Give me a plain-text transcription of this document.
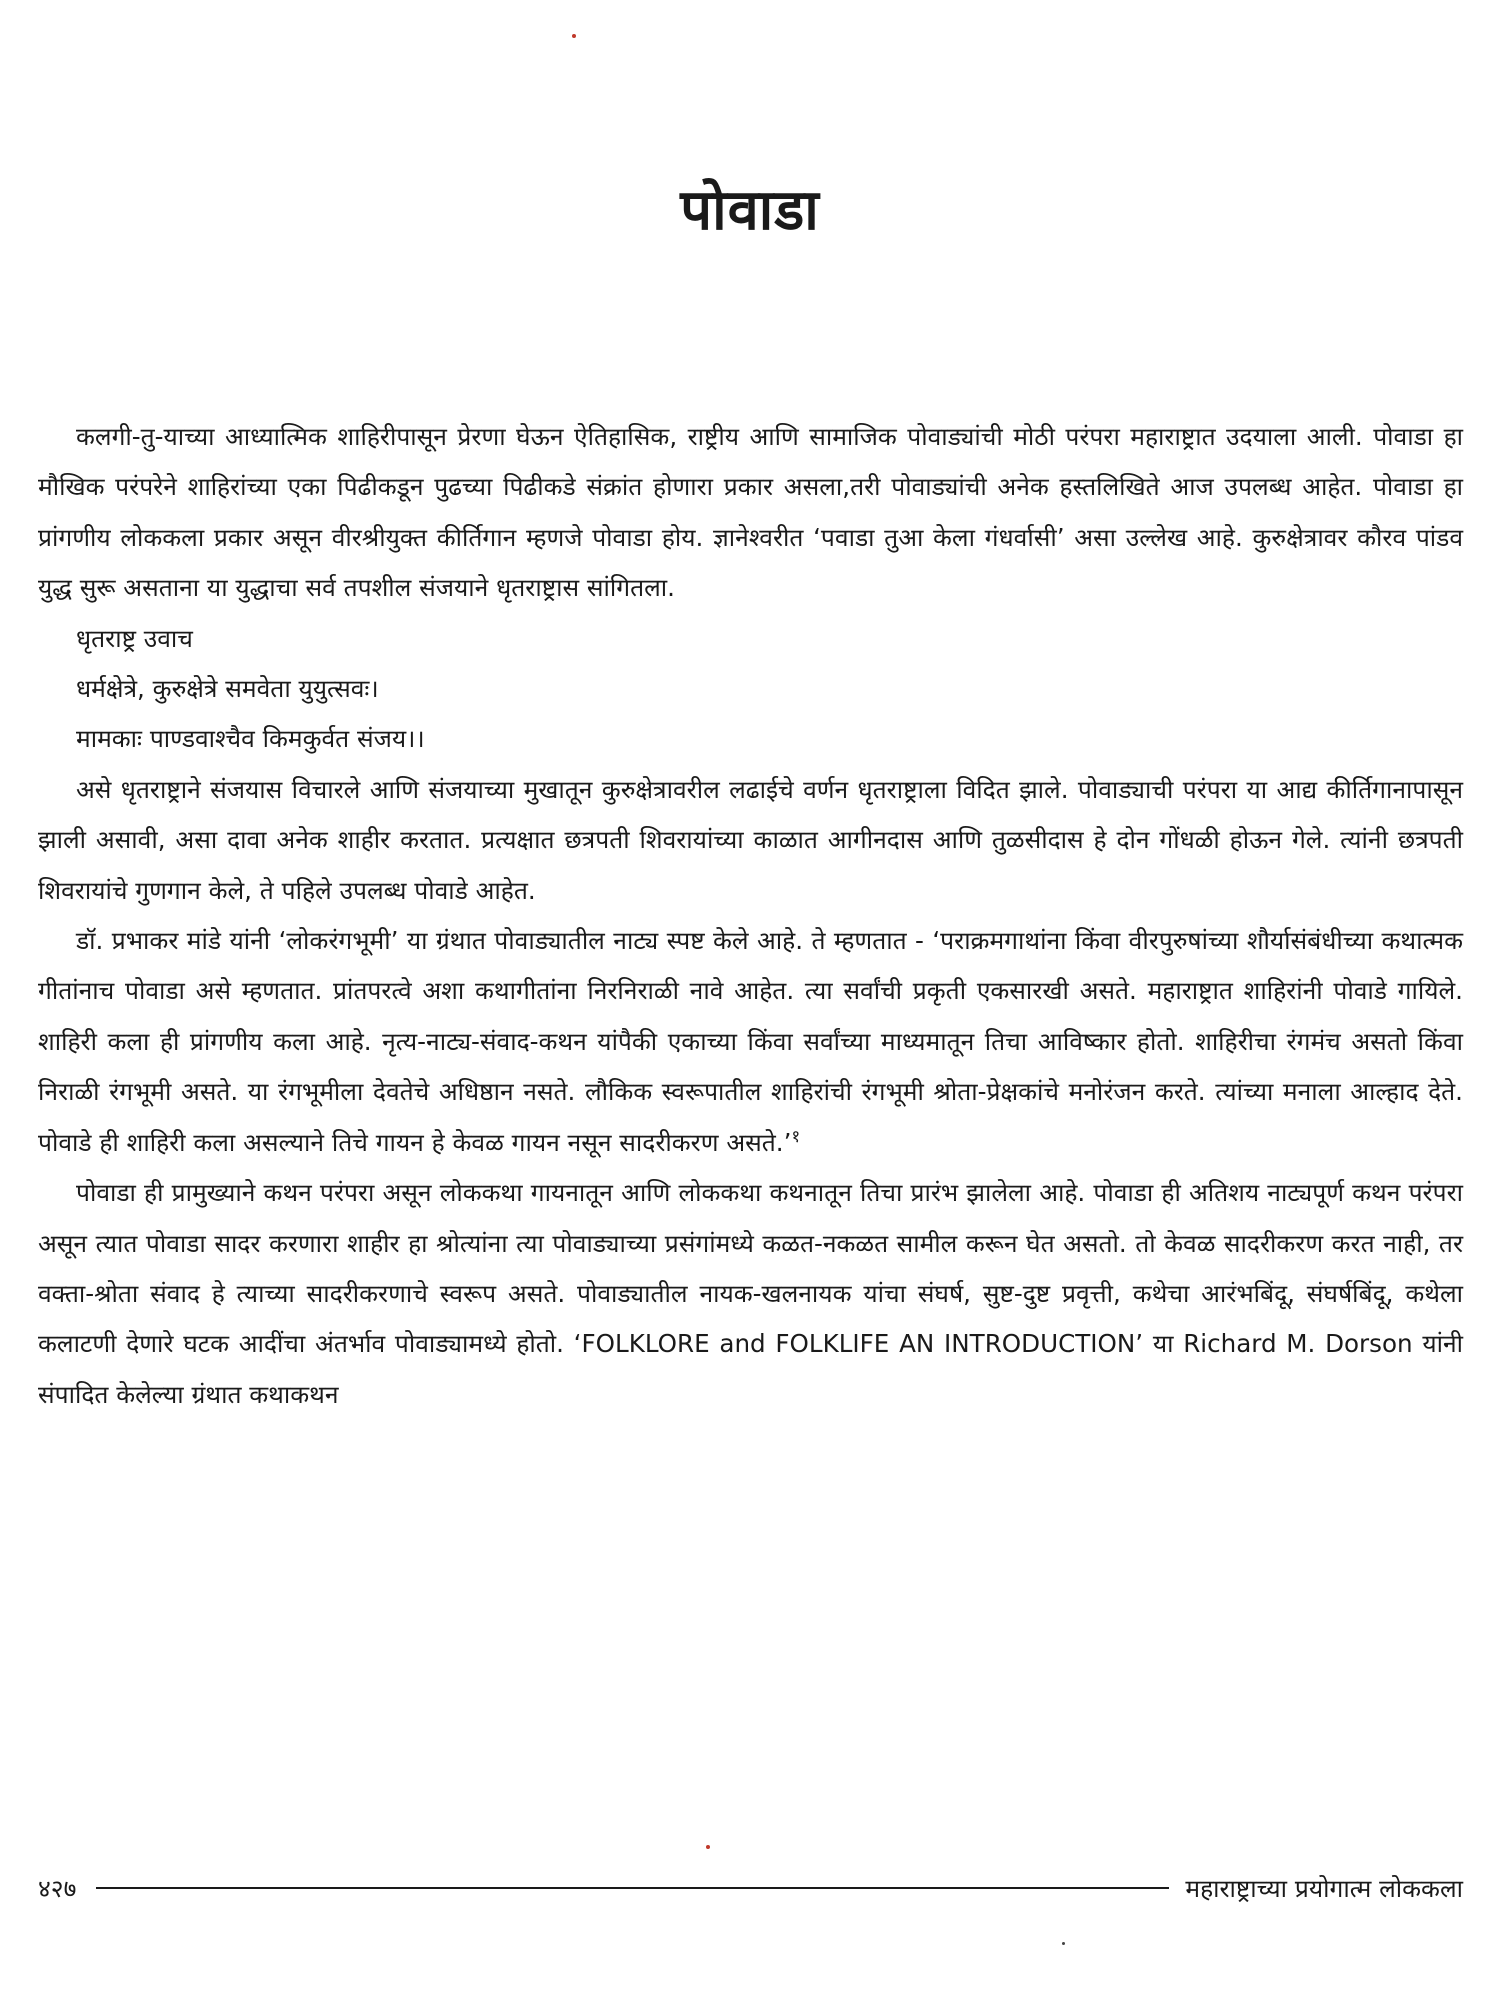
पोवाडा

कलगी-तु-याच्या आध्यात्मिक शाहिरीपासून प्रेरणा घेऊन ऐतिहासिक, राष्ट्रीय आणि सामाजिक पोवाड्यांची मोठी परंपरा महाराष्ट्रात उदयाला आली. पोवाडा हा मौखिक परंपरेने शाहिरांच्या एका पिढीकडून पुढच्या पिढीकडे संक्रांत होणारा प्रकार असला,तरी पोवाड्यांची अनेक हस्तलिखिते आज उपलब्ध आहेत. पोवाडा हा प्रांगणीय लोककला प्रकार असून वीरश्रीयुक्त कीर्तिगान म्हणजे पोवाडा होय. ज्ञानेश्वरीत ‘पवाडा तुआ केला गंधर्वासी’ असा उल्लेख आहे. कुरुक्षेत्रावर कौरव पांडव युद्ध सुरू असताना या युद्धाचा सर्व तपशील संजयाने धृतराष्ट्रास सांगितला.

धृतराष्ट्र उवाच

धर्मक्षेत्रे, कुरुक्षेत्रे समवेता युयुत्सवः।

मामकाः पाण्डवाश्चैव किमकुर्वत संजय।।

असे धृतराष्ट्राने संजयास विचारले आणि संजयाच्या मुखातून कुरुक्षेत्रावरील लढाईचे वर्णन धृतराष्ट्राला विदित झाले. पोवाड्याची परंपरा या आद्य कीर्तिगानापासून झाली असावी, असा दावा अनेक शाहीर करतात. प्रत्यक्षात छत्रपती शिवरायांच्या काळात आगीनदास आणि तुळसीदास हे दोन गोंधळी होऊन गेले. त्यांनी छत्रपती शिवरायांचे गुणगान केले, ते पहिले उपलब्ध पोवाडे आहेत.

डॉ. प्रभाकर मांडे यांनी ‘लोकरंगभूमी’ या ग्रंथात पोवाड्यातील नाट्य स्पष्ट केले आहे. ते म्हणतात - ‘पराक्रमगाथांना किंवा वीरपुरुषांच्या शौर्यासंबंधीच्या कथात्मक गीतांनाच पोवाडा असे म्हणतात. प्रांतपरत्वे अशा कथागीतांना निरनिराळी नावे आहेत. त्या सर्वांची प्रकृती एकसारखी असते. महाराष्ट्रात शाहिरांनी पोवाडे गायिले. शाहिरी कला ही प्रांगणीय कला आहे. नृत्य-नाट्य-संवाद-कथन यांपैकी एकाच्या किंवा सर्वांच्या माध्यमातून तिचा आविष्कार होतो. शाहिरीचा रंगमंच असतो किंवा निराळी रंगभूमी असते. या रंगभूमीला देवतेचे अधिष्ठान नसते. लौकिक स्वरूपातील शाहिरांची रंगभूमी श्रोता-प्रेक्षकांचे मनोरंजन करते. त्यांच्या मनाला आल्हाद देते. पोवाडे ही शाहिरी कला असल्याने तिचे गायन हे केवळ गायन नसून सादरीकरण असते.’$^१$

पोवाडा ही प्रामुख्याने कथन परंपरा असून लोककथा गायनातून आणि लोककथा कथनातून तिचा प्रारंभ झालेला आहे. पोवाडा ही अतिशय नाट्यपूर्ण कथन परंपरा असून त्यात पोवाडा सादर करणारा शाहीर हा श्रोत्यांना त्या पोवाड्याच्या प्रसंगांमध्ये कळत-नकळत सामील करून घेत असतो. तो केवळ सादरीकरण करत नाही, तर वक्ता-श्रोता संवाद हे त्याच्या सादरीकरणाचे स्वरूप असते. पोवाड्यातील नायक-खलनायक यांचा संघर्ष, सुष्ट-दुष्ट प्रवृत्ती, कथेचा आरंभबिंदू, संघर्षबिंदू, कथेला कलाटणी देणारे घटक आदींचा अंतर्भाव पोवाड्यामध्ये होतो. ‘FOLKLORE and FOLKLIFE AN INTRODUCTION’ या Richard M. Dorson यांनी संपादित केलेल्या ग्रंथात कथाकथन

४२७	महाराष्ट्राच्या प्रयोगात्म लोककला
